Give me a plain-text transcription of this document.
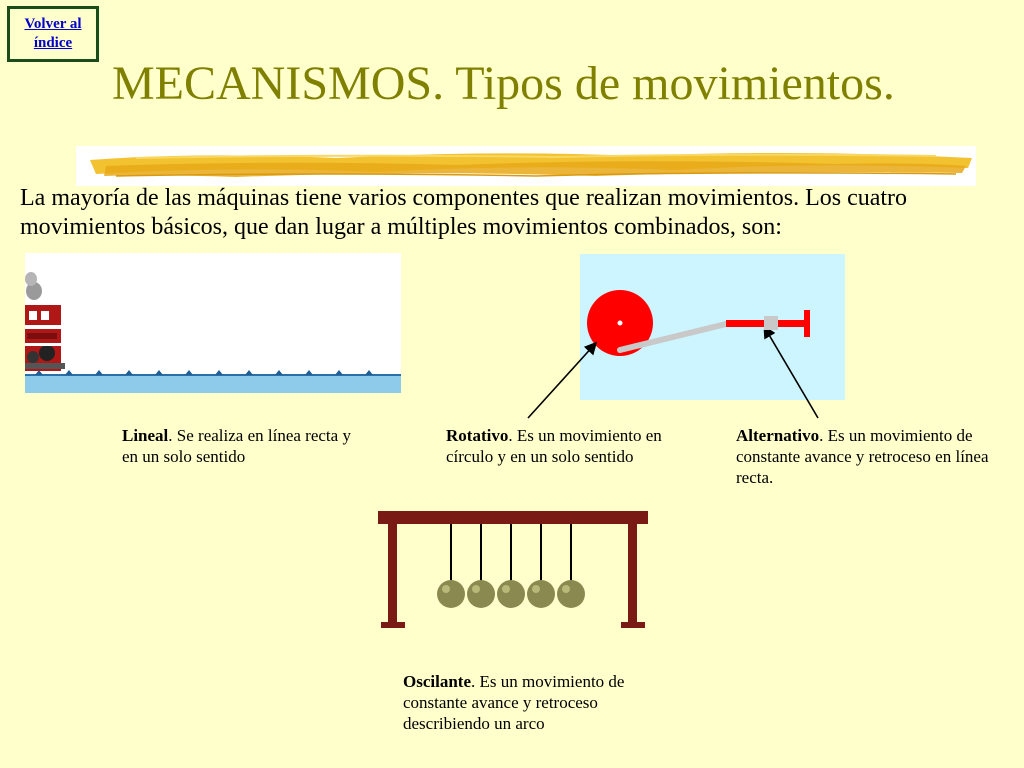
Volver al
índice
MECANISMOS. Tipos de movimientos.

La mayoría de las máquinas tiene varios componentes que realizan movimientos. Los cuatro movimientos básicos, que dan lugar a múltiples movimientos combinados, son:

Lineal. Se realiza en línea recta y en un solo sentido

Rotativo. Es un movimiento en círculo y en un solo sentido

Alternativo. Es un movimiento de constante avance y retroceso en línea recta.

Oscilante. Es un movimiento de constante avance y retroceso describiendo un arco
